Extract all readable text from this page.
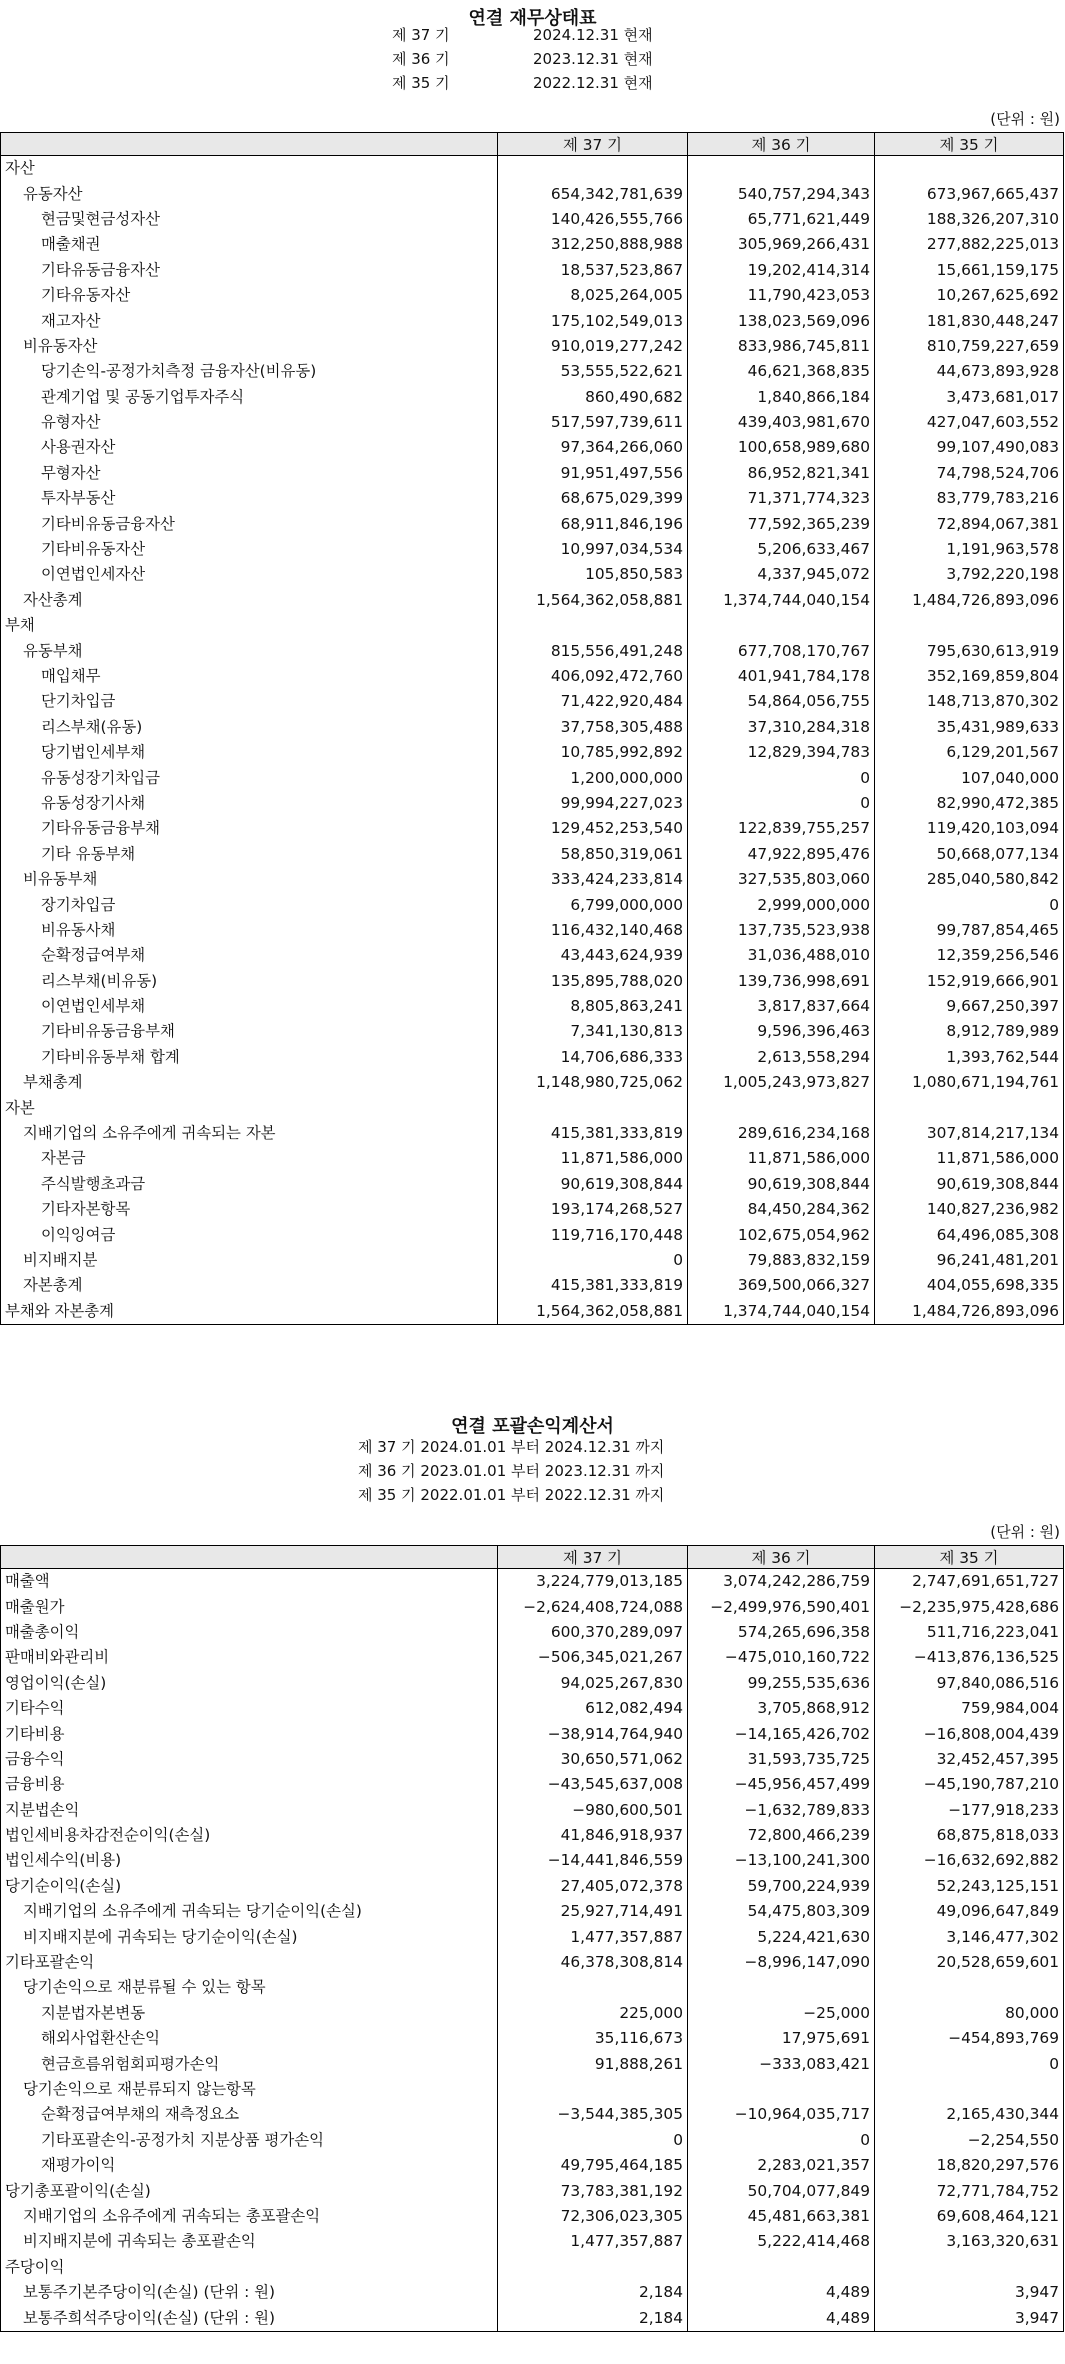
연결 재무상태표
제 37 기	2024.12.31 현재
제 36 기	2023.12.31 현재
제 35 기	2022.12.31 현재
(단위 : 원)
	제 37 기	제 36 기	제 35 기
자산			
유동자산	654,342,781,639	540,757,294,343	673,967,665,437
현금및현금성자산	140,426,555,766	65,771,621,449	188,326,207,310
매출채권	312,250,888,988	305,969,266,431	277,882,225,013
기타유동금융자산	18,537,523,867	19,202,414,314	15,661,159,175
기타유동자산	8,025,264,005	11,790,423,053	10,267,625,692
재고자산	175,102,549,013	138,023,569,096	181,830,448,247
비유동자산	910,019,277,242	833,986,745,811	810,759,227,659
당기손익-공정가치측정 금융자산(비유동)	53,555,522,621	46,621,368,835	44,673,893,928
관계기업 및 공동기업투자주식	860,490,682	1,840,866,184	3,473,681,017
유형자산	517,597,739,611	439,403,981,670	427,047,603,552
사용권자산	97,364,266,060	100,658,989,680	99,107,490,083
무형자산	91,951,497,556	86,952,821,341	74,798,524,706
투자부동산	68,675,029,399	71,371,774,323	83,779,783,216
기타비유동금융자산	68,911,846,196	77,592,365,239	72,894,067,381
기타비유동자산	10,997,034,534	5,206,633,467	1,191,963,578
이연법인세자산	105,850,583	4,337,945,072	3,792,220,198
자산총계	1,564,362,058,881	1,374,744,040,154	1,484,726,893,096
부채			
유동부채	815,556,491,248	677,708,170,767	795,630,613,919
매입채무	406,092,472,760	401,941,784,178	352,169,859,804
단기차입금	71,422,920,484	54,864,056,755	148,713,870,302
리스부채(유동)	37,758,305,488	37,310,284,318	35,431,989,633
당기법인세부채	10,785,992,892	12,829,394,783	6,129,201,567
유동성장기차입금	1,200,000,000	0	107,040,000
유동성장기사채	99,994,227,023	0	82,990,472,385
기타유동금융부채	129,452,253,540	122,839,755,257	119,420,103,094
기타 유동부채	58,850,319,061	47,922,895,476	50,668,077,134
비유동부채	333,424,233,814	327,535,803,060	285,040,580,842
장기차입금	6,799,000,000	2,999,000,000	0
비유동사채	116,432,140,468	137,735,523,938	99,787,854,465
순확정급여부채	43,443,624,939	31,036,488,010	12,359,256,546
리스부채(비유동)	135,895,788,020	139,736,998,691	152,919,666,901
이연법인세부채	8,805,863,241	3,817,837,664	9,667,250,397
기타비유동금융부채	7,341,130,813	9,596,396,463	8,912,789,989
기타비유동부채 합계	14,706,686,333	2,613,558,294	1,393,762,544
부채총계	1,148,980,725,062	1,005,243,973,827	1,080,671,194,761
자본			
지배기업의 소유주에게 귀속되는 자본	415,381,333,819	289,616,234,168	307,814,217,134
자본금	11,871,586,000	11,871,586,000	11,871,586,000
주식발행초과금	90,619,308,844	90,619,308,844	90,619,308,844
기타자본항목	193,174,268,527	84,450,284,362	140,827,236,982
이익잉여금	119,716,170,448	102,675,054,962	64,496,085,308
비지배지분	0	79,883,832,159	96,241,481,201
자본총계	415,381,333,819	369,500,066,327	404,055,698,335
부채와 자본총계	1,564,362,058,881	1,374,744,040,154	1,484,726,893,096
연결 포괄손익계산서
제 37 기 2024.01.01 부터 2024.12.31 까지
제 36 기 2023.01.01 부터 2023.12.31 까지
제 35 기 2022.01.01 부터 2022.12.31 까지
(단위 : 원)
	제 37 기	제 36 기	제 35 기
매출액	3,224,779,013,185	3,074,242,286,759	2,747,691,651,727
매출원가	−2,624,408,724,088	−2,499,976,590,401	−2,235,975,428,686
매출총이익	600,370,289,097	574,265,696,358	511,716,223,041
판매비와관리비	−506,345,021,267	−475,010,160,722	−413,876,136,525
영업이익(손실)	94,025,267,830	99,255,535,636	97,840,086,516
기타수익	612,082,494	3,705,868,912	759,984,004
기타비용	−38,914,764,940	−14,165,426,702	−16,808,004,439
금융수익	30,650,571,062	31,593,735,725	32,452,457,395
금융비용	−43,545,637,008	−45,956,457,499	−45,190,787,210
지분법손익	−980,600,501	−1,632,789,833	−177,918,233
법인세비용차감전순이익(손실)	41,846,918,937	72,800,466,239	68,875,818,033
법인세수익(비용)	−14,441,846,559	−13,100,241,300	−16,632,692,882
당기순이익(손실)	27,405,072,378	59,700,224,939	52,243,125,151
지배기업의 소유주에게 귀속되는 당기순이익(손실)	25,927,714,491	54,475,803,309	49,096,647,849
비지배지분에 귀속되는 당기순이익(손실)	1,477,357,887	5,224,421,630	3,146,477,302
기타포괄손익	46,378,308,814	−8,996,147,090	20,528,659,601
당기손익으로 재분류될 수 있는 항목			
지분법자본변동	225,000	−25,000	80,000
해외사업환산손익	35,116,673	17,975,691	−454,893,769
현금흐름위험회피평가손익	91,888,261	−333,083,421	0
당기손익으로 재분류되지 않는항목			
순확정급여부채의 재측정요소	−3,544,385,305	−10,964,035,717	2,165,430,344
기타포괄손익-공정가치 지분상품 평가손익	0	0	−2,254,550
재평가이익	49,795,464,185	2,283,021,357	18,820,297,576
당기총포괄이익(손실)	73,783,381,192	50,704,077,849	72,771,784,752
지배기업의 소유주에게 귀속되는 총포괄손익	72,306,023,305	45,481,663,381	69,608,464,121
비지배지분에 귀속되는 총포괄손익	1,477,357,887	5,222,414,468	3,163,320,631
주당이익			
보통주기본주당이익(손실) (단위 : 원)	2,184	4,489	3,947
보통주희석주당이익(손실) (단위 : 원)	2,184	4,489	3,947
